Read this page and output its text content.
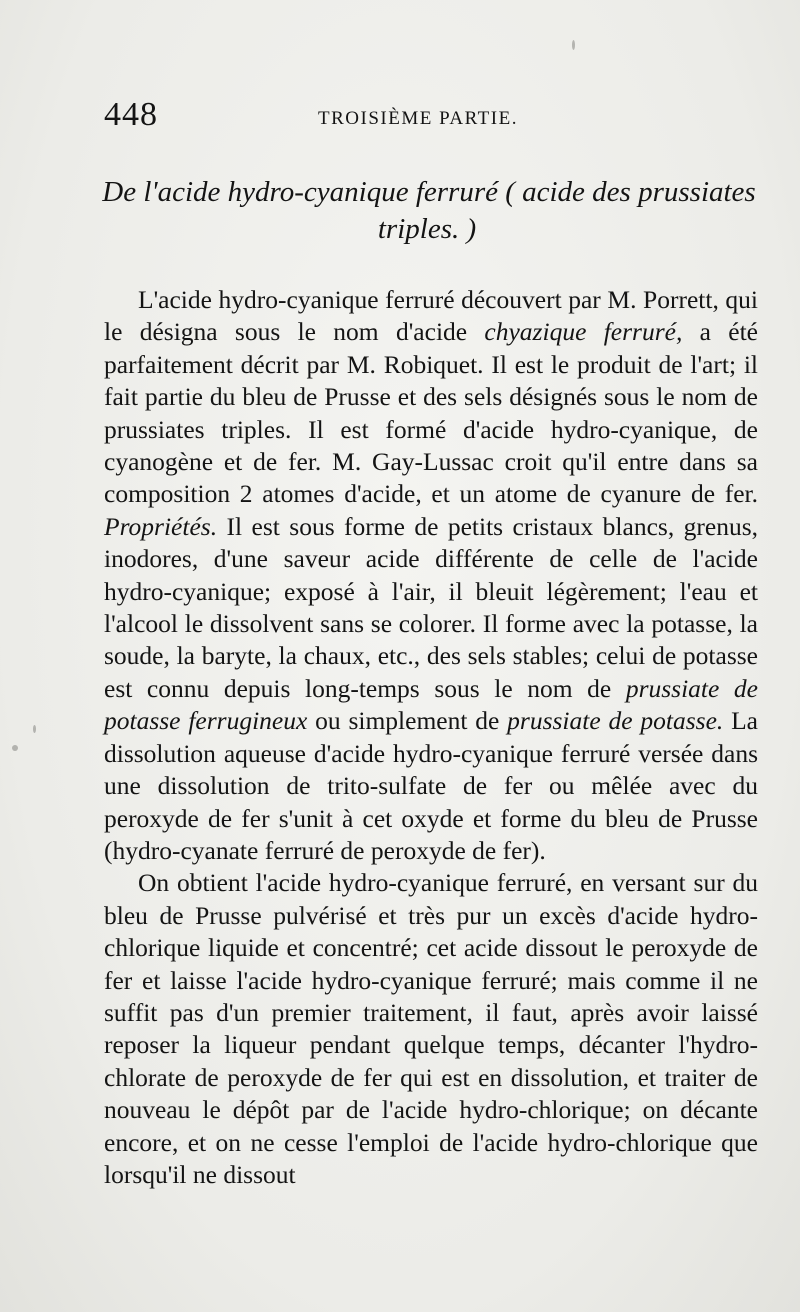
448	TROISIÈME PARTIE.
De l'acide hydro-cyanique ferruré ( acide des prussiates triples. )

L'acide hydro-cyanique ferruré découvert par M. Porrett, qui le désigna sous le nom d'acide chyazique ferruré, a été parfaitement décrit par M. Robiquet. Il est le produit de l'art; il fait partie du bleu de Prusse et des sels désignés sous le nom de prussiates triples. Il est formé d'acide hydro-cyanique, de cyanogène et de fer. M. Gay-Lussac croit qu'il entre dans sa composition 2 atomes d'acide, et un atome de cyanure de fer. Propriétés. Il est sous forme de petits cristaux blancs, grenus, inodores, d'une saveur acide différente de celle de l'acide hydro-cyanique; exposé à l'air, il bleuit légèrement; l'eau et l'alcool le dissolvent sans se colorer. Il forme avec la potasse, la soude, la baryte, la chaux, etc., des sels stables; celui de potasse est connu depuis long-temps sous le nom de prussiate de potasse ferrugineux ou simplement de prussiate de potasse. La dissolution aqueuse d'acide hydro-cyanique ferruré versée dans une dissolution de trito-sulfate de fer ou mêlée avec du peroxyde de fer s'unit à cet oxyde et forme du bleu de Prusse (hydro-cyanate ferruré de peroxyde de fer).

On obtient l'acide hydro-cyanique ferruré, en versant sur du bleu de Prusse pulvérisé et très pur un excès d'acide hydro-chlorique liquide et concentré; cet acide dissout le peroxyde de fer et laisse l'acide hydro-cyanique ferruré; mais comme il ne suffit pas d'un premier traitement, il faut, après avoir laissé reposer la liqueur pendant quelque temps, décanter l'hydro-chlorate de peroxyde de fer qui est en dissolution, et traiter de nouveau le dépôt par de l'acide hydro-chlorique; on décante encore, et on ne cesse l'emploi de l'acide hydro-chlorique que lorsqu'il ne dissout
